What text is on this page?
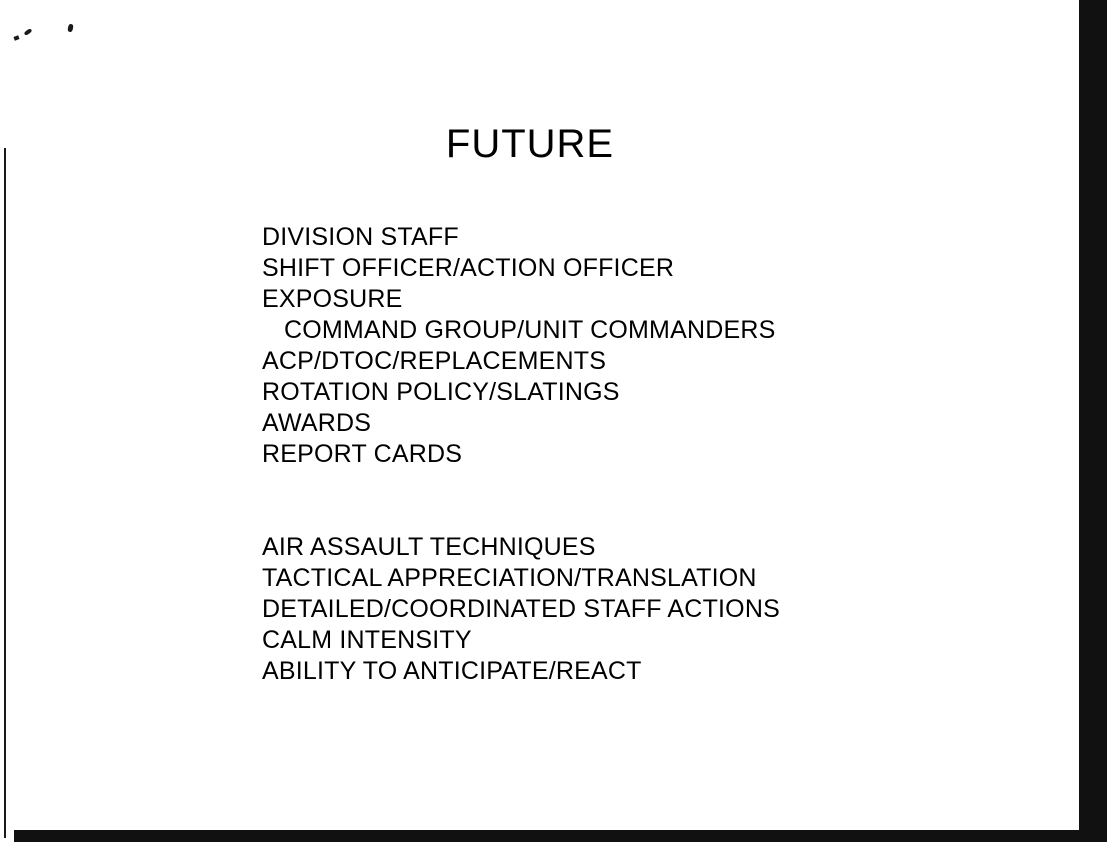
FUTURE
DIVISION STAFF
SHIFT OFFICER/ACTION OFFICER
EXPOSURE
COMMAND GROUP/UNIT COMMANDERS
ACP/DTOC/REPLACEMENTS
ROTATION POLICY/SLATINGS
AWARDS
REPORT CARDS

AIR ASSAULT TECHNIQUES
TACTICAL APPRECIATION/TRANSLATION
DETAILED/COORDINATED STAFF ACTIONS
CALM INTENSITY
ABILITY TO ANTICIPATE/REACT
